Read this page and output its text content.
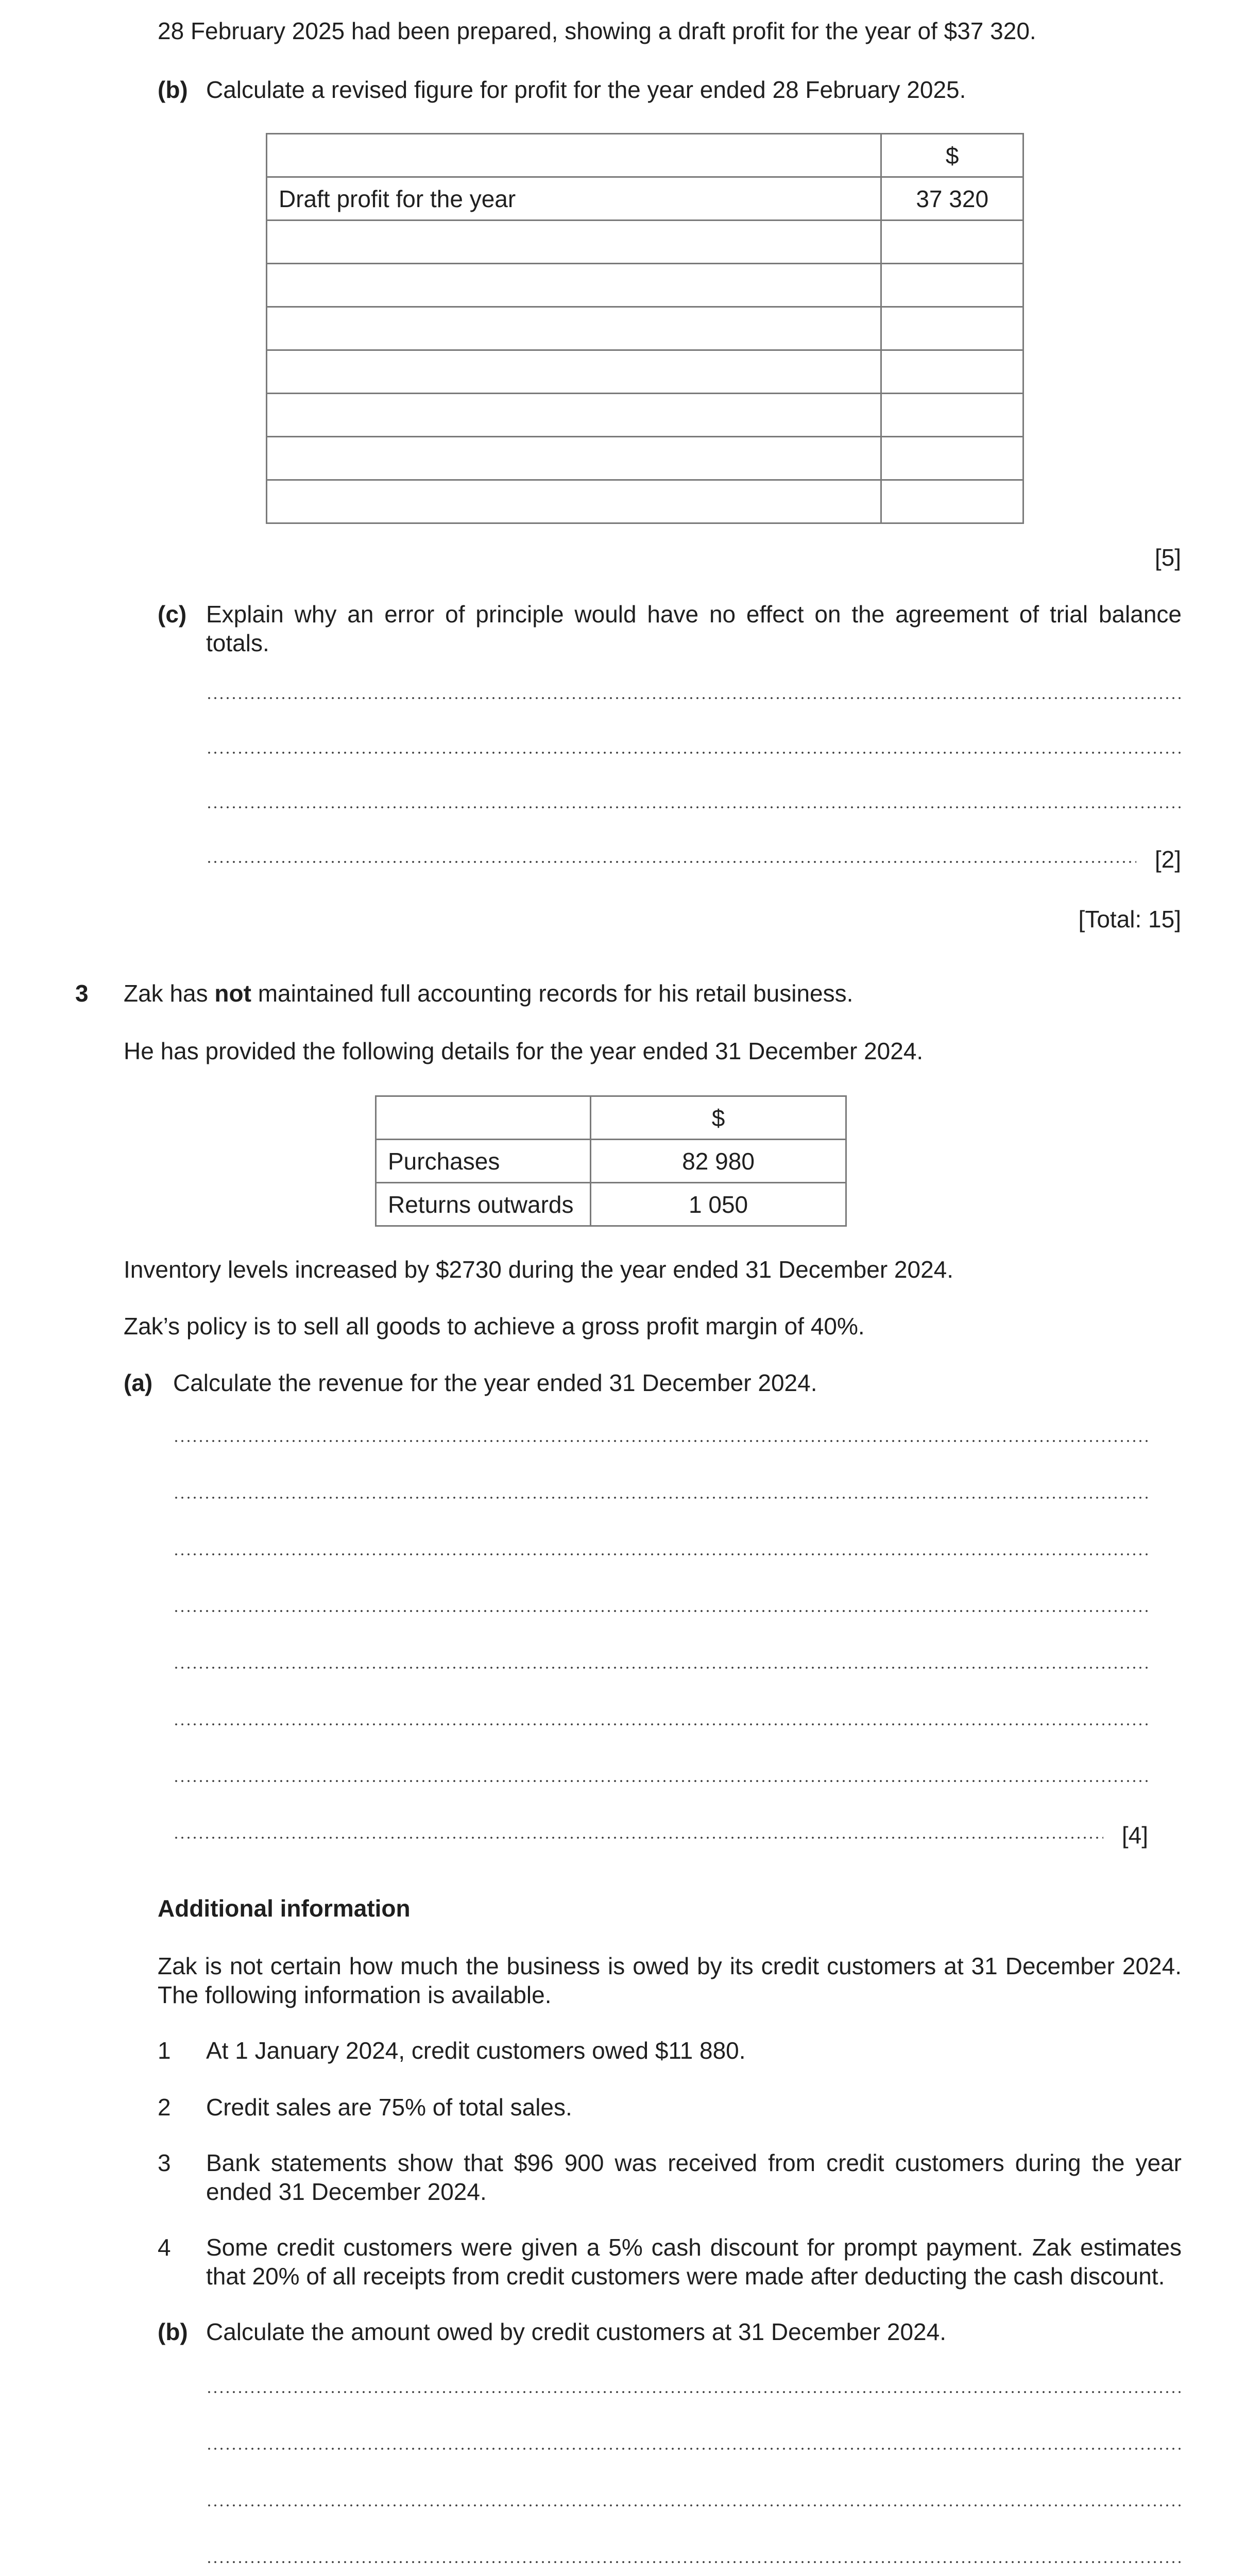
28 February 2025 had been prepared, showing a draft profit for the year of $37 320.
(b) Calculate a revised figure for profit for the year ended 28 February 2025.
	$
Draft profit for the year	37 320

[5]
(c) Explain why an error of principle would have no effect on the agreement of trial balance totals.
[2]
[Total: 15]
3 Zak has not maintained full accounting records for his retail business.
He has provided the following details for the year ended 31 December 2024.
	$
Purchases	82 980
Returns outwards	1 050
Inventory levels increased by $2730 during the year ended 31 December 2024.
Zak’s policy is to sell all goods to achieve a gross profit margin of 40%.
(a) Calculate the revenue for the year ended 31 December 2024.
[4]
Additional information
Zak is not certain how much the business is owed by its credit customers at 31 December 2024. The following information is available.
1 At 1 January 2024, credit customers owed $11 880.
2 Credit sales are 75% of total sales.
3 Bank statements show that $96 900 was received from credit customers during the year ended 31 December 2024.
4 Some credit customers were given a 5% cash discount for prompt payment. Zak estimates that 20% of all receipts from credit customers were made after deducting the cash discount.
(b) Calculate the amount owed by credit customers at 31 December 2024.
